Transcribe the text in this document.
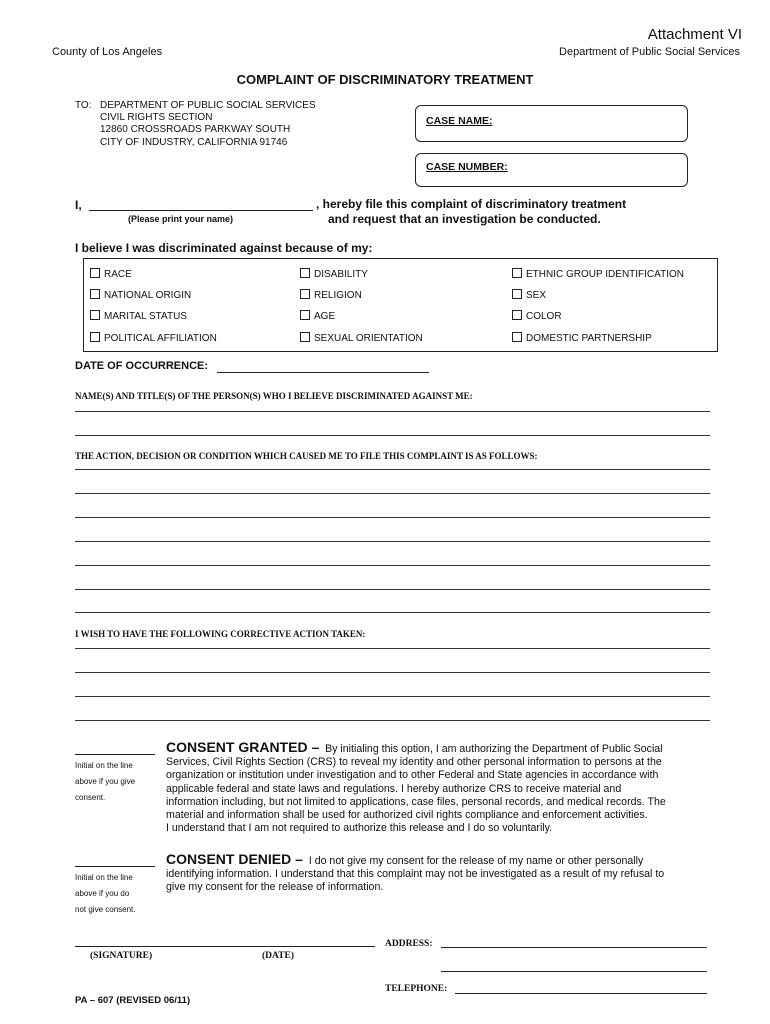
Attachment VI
County of Los Angeles	Department of Public Social Services
COMPLAINT OF DISCRIMINATORY TREATMENT
TO: DEPARTMENT OF PUBLIC SOCIAL SERVICES
CIVIL RIGHTS SECTION
12860 CROSSROADS PARKWAY SOUTH
CITY OF INDUSTRY, CALIFORNIA 91746
CASE NAME:
CASE NUMBER:
I,	, hereby file this complaint of discriminatory treatment
and request that an investigation be conducted.
(Please print your name)
I believe I was discriminated against because of my:
RACE	DISABILITY	ETHNIC GROUP IDENTIFICATION
NATIONAL ORIGIN	RELIGION	SEX
MARITAL STATUS	AGE	COLOR
POLITICAL AFFILIATION	SEXUAL ORIENTATION	DOMESTIC PARTNERSHIP
DATE OF OCCURRENCE:
NAME(S) AND TITLE(S) OF THE PERSON(S) WHO I BELIEVE DISCRIMINATED AGAINST ME:
THE ACTION, DECISION OR CONDITION WHICH CAUSED ME TO FILE THIS COMPLAINT IS AS FOLLOWS:
I WISH TO HAVE THE FOLLOWING CORRECTIVE ACTION TAKEN:
Initial on the line
above if you give
consent.
CONSENT GRANTED – By initialing this option, I am authorizing the Department of Public Social
Services, Civil Rights Section (CRS) to reveal my identity and other personal information to persons at the
organization or institution under investigation and to other Federal and State agencies in accordance with
applicable federal and state laws and regulations. I hereby authorize CRS to receive material and
information including, but not limited to applications, case files, personal records, and medical records. The
material and information shall be used for authorized civil rights compliance and enforcement activities.
I understand that I am not required to authorize this release and I do so voluntarily.
Initial on the line
above if you do
not give consent.
CONSENT DENIED – I do not give my consent for the release of my name or other personally
identifying information. I understand that this complaint may not be investigated as a result of my refusal to
give my consent for the release of information.
(SIGNATURE)	(DATE)
ADDRESS:
TELEPHONE:
PA – 607 (REVISED 06/11)
